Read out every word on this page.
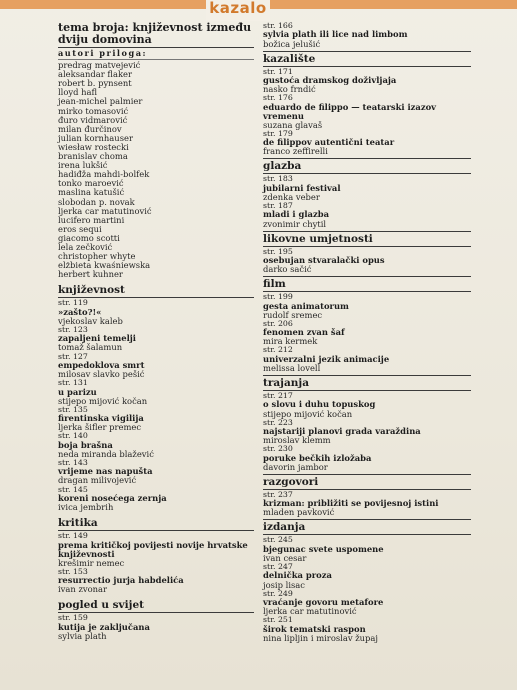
kazalo
tema broja: književnost između
dviju domovina
autori priloga:
predrag matvejević
aleksandar flaker
robert b. pynsent
lloyd hafl
jean-michel palmier
mirko tomasović
đuro vidmarović
milan đurčinov
julian kornhauser
wiesław rostecki
branislav choma
irena lukšić
hadiđža mahdi-bolfek
tonko maroević
maslina katušić
slobodan p. novak
ljerka car matutinović
lucifero martini
eros sequi
giacomo scotti
lela zečković
christopher whyte
elżbieta kwaśniewska
herbert kuhner
književnost
str. 119
»zašto?!«
vjekoslav kaleb
str. 123
zapaljeni temelji
tomaž šalamun
str. 127
empedoklova smrt
milosav slavko pešić
str. 131
u parizu
stijepo mijović kočan
str. 135
firentinska vigilija
ljerka šifler premec
str. 140
boja brašna
neda miranda blažević
str. 143
vrijeme nas napušta
dragan milivojević
str. 145
koreni nosećega zernja
ivica jembrih
kritika
str. 149
prema kritičkoj povijesti novije hrvatske
književnosti
krešimir nemec
str. 153
resurrectio jurja habdelića
ivan zvonar
pogled u svijet
str. 159
kutija je zaključana
sylvia plath
str. 166
sylvia plath ili lice nad limbom
božica jelušić
kazalište
str. 171
gustoća dramskog doživljaja
nasko frndić
str. 176
eduardo de filippo — teatarski izazov
vremenu
suzana glavaš
str. 179
de filippov autentični teatar
franco zeffirelli
glazba
str. 183
jubilarni festival
zdenka veber
str. 187
mladi i glazba
zvonimir chytil
likovne umjetnosti
str. 195
osebujan stvaralački opus
darko sačić
film
str. 199
gesta animatorum
rudolf sremec
str. 206
fenomen zvan šaf
mira kermek
str. 212
univerzalni jezik animacije
melissa lovell
trajanja
str. 217
o slovu i duhu topuskog
stijepo mijović kočan
str. 223
najstariji planovi grada varaždina
miroslav klemm
str. 230
poruke bečkih izložaba
davorin jambor
razgovori
str. 237
krizman: približiti se povijesnoj istini
mladen pavković
izdanja
str. 245
bjegunac svete uspomene
ivan cesar
str. 247
delnička proza
josip lisac
str. 249
vraćanje govoru metafore
ljerka car matutinović
str. 251
širok tematski raspon
nina lipljin i miroslav župaj
